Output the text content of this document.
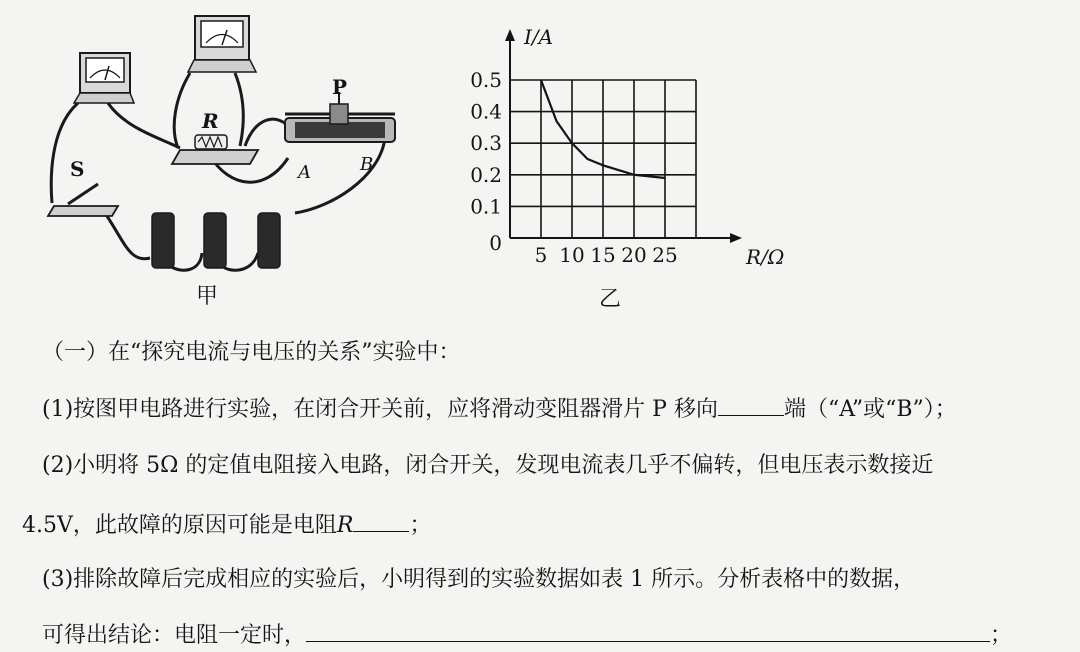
R
P
A	B
S
甲
5 10 15 20 25
0
0.1
0.2
0.3
0.4
0.5
I/A
R/Ω
乙
（一）在“探究电流与电压的关系”实验中：
(1)按图甲电路进行实验，在闭合开关前，应将滑动变阻器滑片 P 移向	端（“A”或“B”）；
(2)小明将 5Ω 的定值电阻接入电路，闭合开关，发现电流表几乎不偏转，但电压表示数接近
4.5V，此故障的原因可能是电阻R	；
(3)排除故障后完成相应的实验后，小明得到的实验数据如表 1 所示。分析表格中的数据，
可得出结论：电阻一定时，	；
